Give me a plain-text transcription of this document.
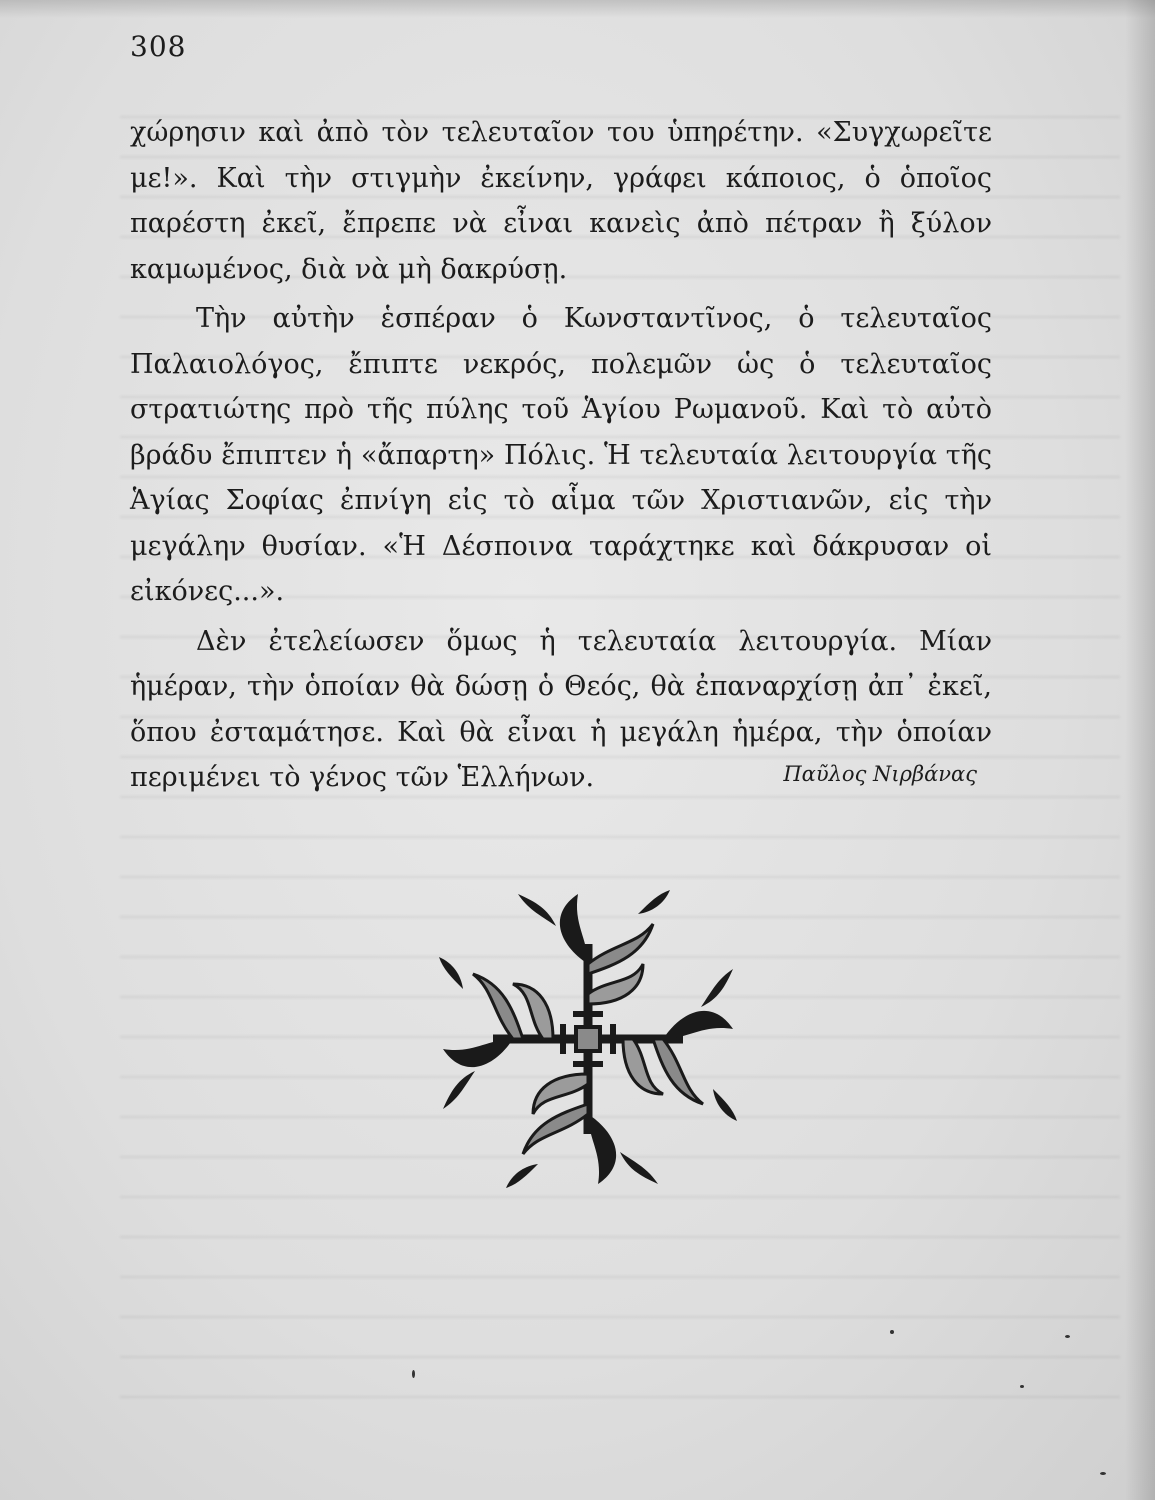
308

χώρησιν καὶ ἀπὸ τὸν τελευταῖον του ὑπηρέτην. «Συγχωρεῖτε με!». Καὶ τὴν στιγμὴν ἐκείνην, γράφει κάποιος, ὁ ὁποῖος παρέστη ἐκεῖ, ἔπρεπε νὰ εἶναι κανεὶς ἀπὸ πέτραν ἢ ξύλον καμωμένος, διὰ νὰ μὴ δακρύσῃ.

Τὴν αὐτὴν ἑσπέραν ὁ Κωνσταντῖνος, ὁ τελευταῖος Παλαιολόγος, ἔπιπτε νεκρός, πολεμῶν ὡς ὁ τελευταῖος στρατιώτης πρὸ τῆς πύλης τοῦ Ἁγίου Ρωμανοῦ. Καὶ τὸ αὐτὸ βράδυ ἔπιπτεν ἡ «ἄπαρτη» Πόλις. Ἡ τελευταία λειτουργία τῆς Ἁγίας Σοφίας ἐπνίγη εἰς τὸ αἷμα τῶν Χριστιανῶν, εἰς τὴν μεγάλην θυσίαν. «Ἡ Δέσποινα ταράχτηκε καὶ δάκρυσαν οἱ εἰκόνες...».

Δὲν ἐτελείωσεν ὅμως ἡ τελευταία λειτουργία. Μίαν ἡμέραν, τὴν ὁποίαν θὰ δώσῃ ὁ Θεός, θὰ ἐπαναρχίσῃ ἀπ᾽ ἐκεῖ, ὅπου ἐσταμάτησε. Καὶ θὰ εἶναι ἡ μεγάλη ἡμέρα, τὴν ὁποίαν περιμένει τὸ γένος τῶν Ἑλλήνων.	Παῦλος Νιρβάνας
